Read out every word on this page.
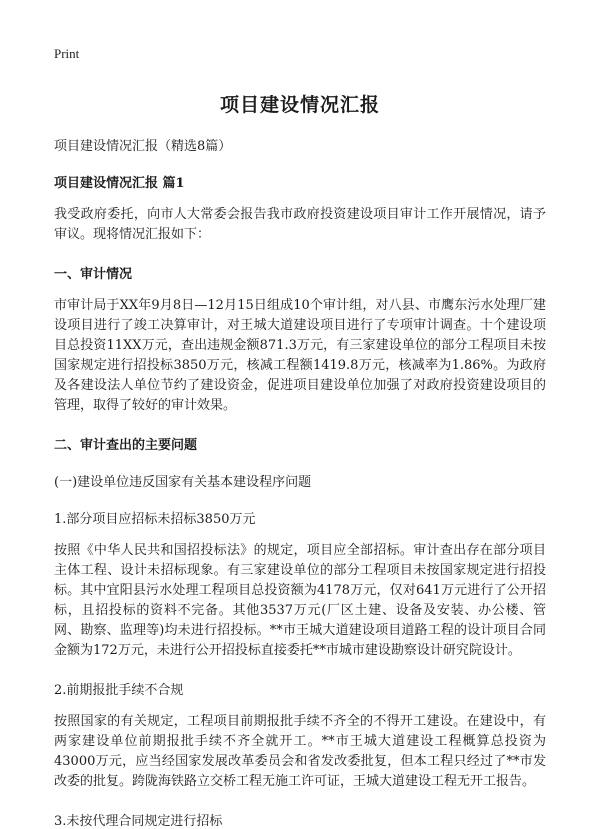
Print

项目建设情况汇报

项目建设情况汇报（精选8篇）

项目建设情况汇报 篇1

我受政府委托，向市人大常委会报告我市政府投资建设项目审计工作开展情况，请予审议。现将情况汇报如下：

一、审计情况

市审计局于XX年9月8日—12月15日组成10个审计组，对八县、市鹰东污水处理厂建设项目进行了竣工决算审计，对王城大道建设项目进行了专项审计调查。十个建设项目总投资11XX万元，查出违规金额871.3万元，有三家建设单位的部分工程项目未按国家规定进行招投标3850万元，核减工程额1419.8万元，核减率为1.86%。为政府及各建设法人单位节约了建设资金，促进项目建设单位加强了对政府投资建设项目的管理，取得了较好的审计效果。

二、审计查出的主要问题

(一)建设单位违反国家有关基本建设程序问题

1.部分项目应招标未招标3850万元

按照《中华人民共和国招投标法》的规定，项目应全部招标。审计查出存在部分项目主体工程、设计未招标现象。有三家建设单位的部分工程项目未按国家规定进行招投标。其中宜阳县污水处理工程项目总投资额为4178万元，仅对641万元进行了公开招标，且招投标的资料不完备。其他3537万元(厂区土建、设备及安装、办公楼、管网、勘察、监理等)均未进行招投标。**市王城大道建设项目道路工程的设计项目合同金额为172万元，未进行公开招投标直接委托**市城市建设勘察设计研究院设计。

2.前期报批手续不合规

按照国家的有关规定，工程项目前期报批手续不齐全的不得开工建设。在建设中，有两家建设单位前期报批手续不齐全就开工。**市王城大道建设工程概算总投资为43000万元，应当经国家发展改革委员会和省发改委批复，但本工程只经过了**市发改委的批复。跨陇海铁路立交桥工程无施工许可证，王城大道建设工程无开工报告。

3.未按代理合同规定进行招标
